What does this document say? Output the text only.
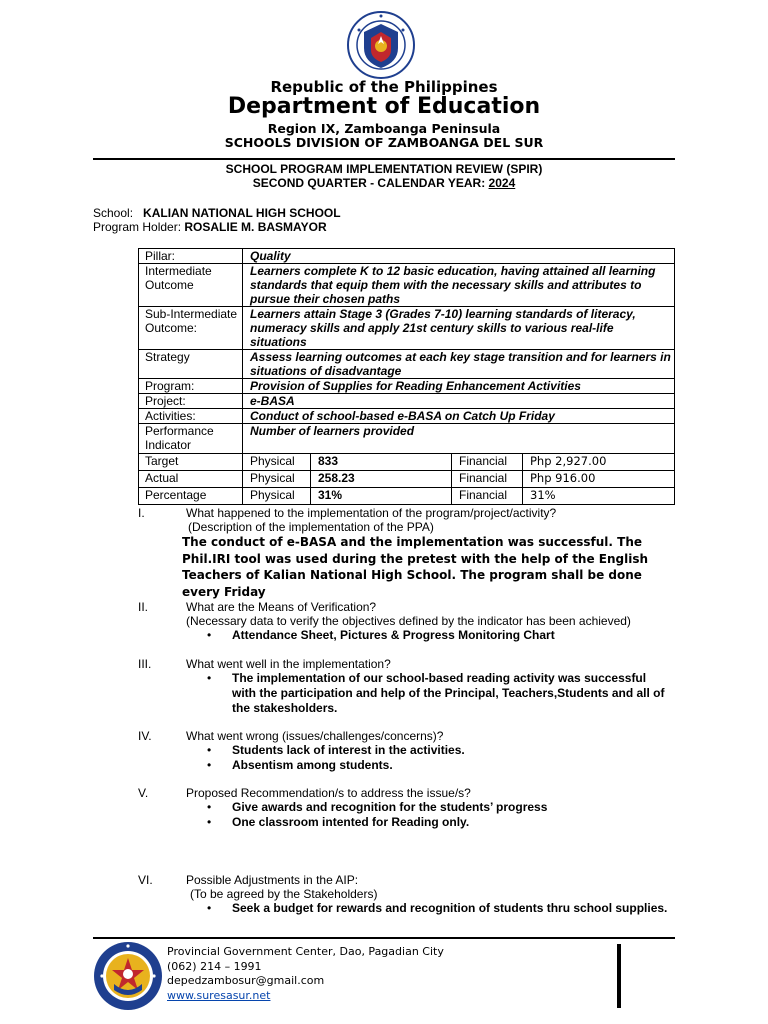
Republic of the Philippines
Department of Education
Region IX, Zamboanga Peninsula
SCHOOLS DIVISION OF ZAMBOANGA DEL SUR
SCHOOL PROGRAM IMPLEMENTATION REVIEW (SPIR)
SECOND QUARTER - CALENDAR YEAR: 2024
School: KALIAN NATIONAL HIGH SCHOOL
Program Holder: ROSALIE M. BASMAYOR
Pillar:	Quality			
Intermediate Outcome	Learners complete K to 12 basic education, having attained all learning standards that equip them with the necessary skills and attributes to pursue their chosen paths			
Sub-Intermediate Outcome:	Learners attain Stage 3 (Grades 7-10) learning standards of literacy, numeracy skills and apply 21st century skills to various real-life situations			
Strategy	Assess learning outcomes at each key stage transition and for learners in situations of disadvantage			
Program:	Provision of Supplies for Reading Enhancement Activities			
Project:	e-BASA			
Activities:	Conduct of school-based e-BASA on Catch Up Friday			
Performance Indicator	Number of learners provided			
Target	Physical	833	Financial	Php 2,927.00
Actual	Physical	258.23	Financial	Php 916.00
Percentage	Physical	31%	Financial	31%
I.	What happened to the implementation of the program/project/activity?
(Description of the implementation of the PPA)
The conduct of e-BASA and the implementation was successful. The Phil.IRI tool was used during the pretest with the help of the English Teachers of Kalian National High School. The program shall be done every Friday
II.	What are the Means of Verification?
(Necessary data to verify the objectives defined by the indicator has been achieved)
• Attendance Sheet, Pictures & Progress Monitoring Chart
III.	What went well in the implementation?
• The implementation of our school-based reading activity was successful with the participation and help of the Principal, Teachers,Students and all of the stakesholders.
IV.	What went wrong (issues/challenges/concerns)?
• Students lack of interest in the activities.
• Absentism among students.
V.	Proposed Recommendation/s to address the issue/s?
• Give awards and recognition for the students’ progress
• One classroom intented for Reading only.
VI.	Possible Adjustments in the AIP:
(To be agreed by the Stakeholders)
• Seek a budget for rewards and recognition of students thru school supplies.
Provincial Government Center, Dao, Pagadian City
(062) 214 – 1991
depedzambosur@gmail.com
www.suresasur.net
